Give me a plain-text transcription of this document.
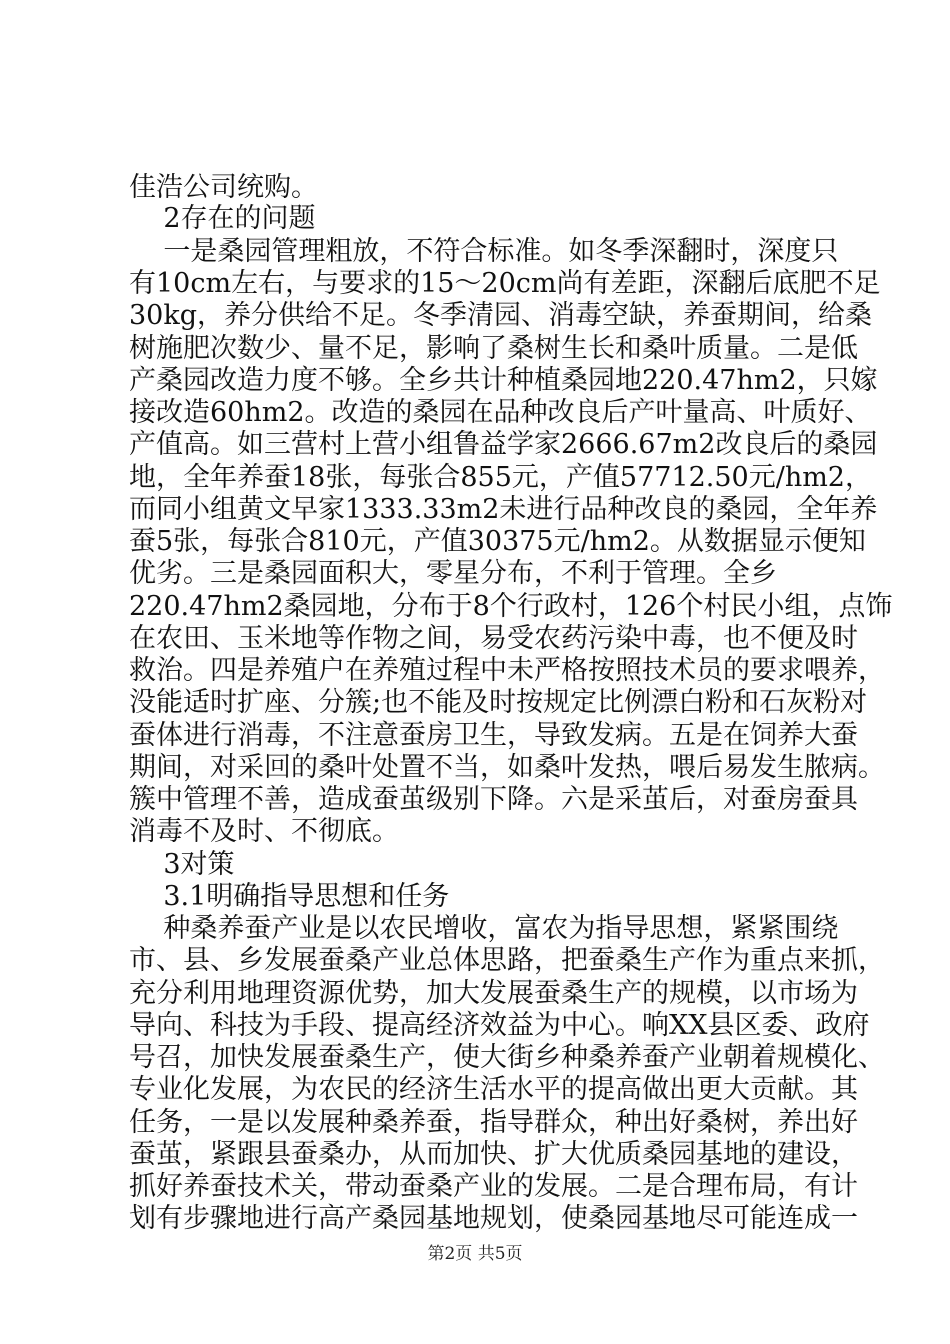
佳浩公司统购。
2存在的问题
一是桑园管理粗放，不符合标准。如冬季深翻时，深度只
有10cm左右，与要求的15～20cm尚有差距，深翻后底肥不足
30kg，养分供给不足。冬季清园、消毒空缺，养蚕期间，给桑
树施肥次数少、量不足，影响了桑树生长和桑叶质量。二是低
产桑园改造力度不够。全乡共计种植桑园地220.47hm2，只嫁
接改造60hm2。改造的桑园在品种改良后产叶量高、叶质好、
产值高。如三营村上营小组鲁益学家2666.67m2改良后的桑园
地，全年养蚕18张，每张合855元，产值57712.50元/hm2，
而同小组黄文早家1333.33m2未进行品种改良的桑园，全年养
蚕5张，每张合810元，产值30375元/hm2。从数据显示便知
优劣。三是桑园面积大，零星分布，不利于管理。全乡
220.47hm2桑园地，分布于8个行政村，126个村民小组，点饰
在农田、玉米地等作物之间，易受农药污染中毒，也不便及时
救治。四是养殖户在养殖过程中未严格按照技术员的要求喂养，
没能适时扩座、分簇;也不能及时按规定比例漂白粉和石灰粉对
蚕体进行消毒，不注意蚕房卫生，导致发病。五是在饲养大蚕
期间，对采回的桑叶处置不当，如桑叶发热，喂后易发生脓病。
簇中管理不善，造成蚕茧级别下降。六是采茧后，对蚕房蚕具
消毒不及时、不彻底。
3对策
3.1明确指导思想和任务
种桑养蚕产业是以农民增收，富农为指导思想，紧紧围绕
市、县、乡发展蚕桑产业总体思路，把蚕桑生产作为重点来抓，
充分利用地理资源优势，加大发展蚕桑生产的规模，以市场为
导向、科技为手段、提高经济效益为中心。响XX县区委、政府
号召，加快发展蚕桑生产，使大街乡种桑养蚕产业朝着规模化、
专业化发展，为农民的经济生活水平的提高做出更大贡献。其
任务，一是以发展种桑养蚕，指导群众，种出好桑树，养出好
蚕茧，紧跟县蚕桑办，从而加快、扩大优质桑园基地的建设，
抓好养蚕技术关，带动蚕桑产业的发展。二是合理布局，有计
划有步骤地进行高产桑园基地规划，使桑园基地尽可能连成一
第2页 共5页
